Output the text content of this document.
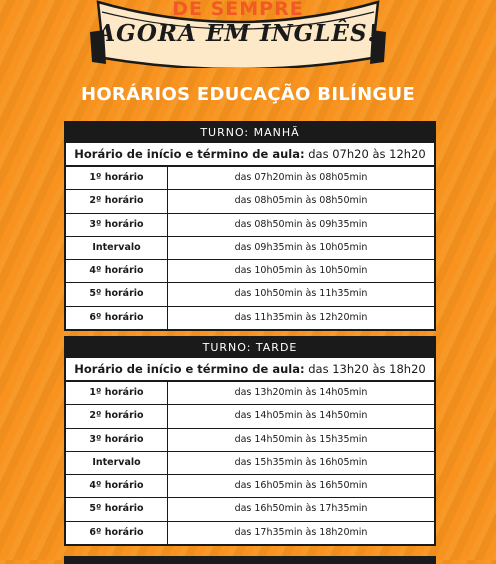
DE SEMPRE
AGORA EM INGLÊS!
HORÁRIOS EDUCAÇÃO BILÍNGUE
TURNO: MANHÃ
Horário de início e término de aula: das 07h20 às 12h20
1º horário	das 07h20min às 08h05min
2º horário	das 08h05min às 08h50min
3º horário	das 08h50min às 09h35min
Intervalo	das 09h35min às 10h05min
4º horário	das 10h05min às 10h50min
5º horário	das 10h50min às 11h35min
6º horário	das 11h35min às 12h20min
TURNO: TARDE
Horário de início e término de aula: das 13h20 às 18h20
1º horário	das 13h20min às 14h05min
2º horário	das 14h05min às 14h50min
3º horário	das 14h50min às 15h35min
Intervalo	das 15h35min às 16h05min
4º horário	das 16h05min às 16h50min
5º horário	das 16h50min às 17h35min
6º horário	das 17h35min às 18h20min
